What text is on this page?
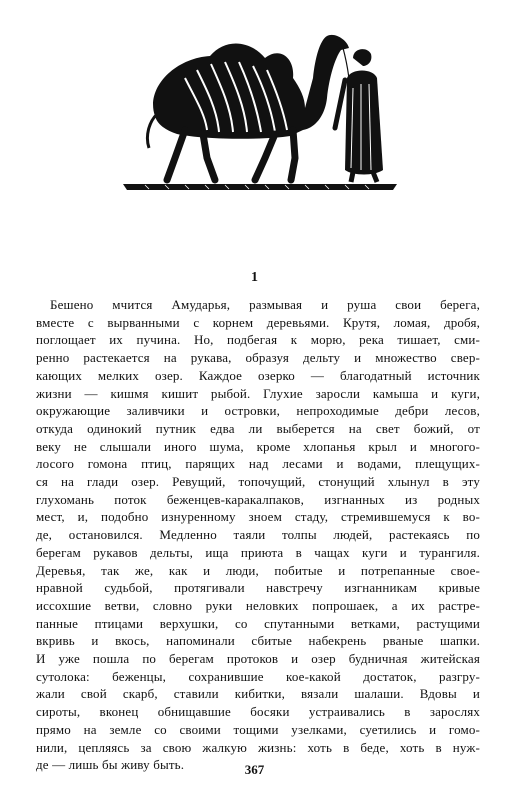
1
Бешено мчится Амударья, размывая и руша свои берега,
вместе с вырванными с корнем деревьями. Крутя, ломая, дробя,
поглощает их пучина. Но, подбегая к морю, река тишает, сми-
ренно растекается на рукава, образуя дельту и множество свер-
кающих мелких озер. Каждое озерко — благодатный источник
жизни — кишмя кишит рыбой. Глухие заросли камыша и куги,
окружающие заливчики и островки, непроходимые дебри лесов,
откуда одинокий путник едва ли выберется на свет божий, от
веку не слышали иного шума, кроме хлопанья крыл и многого-
лосого гомона птиц, парящих над лесами и водами, плещущих-
ся на глади озер. Ревущий, топочущий, стонущий хлынул в эту
глухомань поток беженцев-каракалпаков, изгнанных из родных
мест, и, подобно изнуренному зноем стаду, стремившемуся к во-
де, остановился. Медленно таяли толпы людей, растекаясь по
берегам рукавов дельты, ища приюта в чащах куги и турангиля.
Деревья, так же, как и люди, побитые и потрепанные свое-
нравной судьбой, протягивали навстречу изгнанникам кривые
иссохшие ветви, словно руки неловких попрошаек, а их растре-
панные птицами верхушки, со спутанными ветками, растущими
вкривь и вкось, напоминали сбитые набекрень рваные шапки.
И уже пошла по берегам протоков и озер будничная житейская
сутолока: беженцы, сохранившие кое-какой достаток, разгру-
жали свой скарб, ставили кибитки, вязали шалаши. Вдовы и
сироты, вконец обнищавшие босяки устраивались в зарослях
прямо на земле со своими тощими узелками, суетились и гомо-
нили, цепляясь за свою жалкую жизнь: хоть в беде, хоть в нуж-
де — лишь бы живу быть.	367
